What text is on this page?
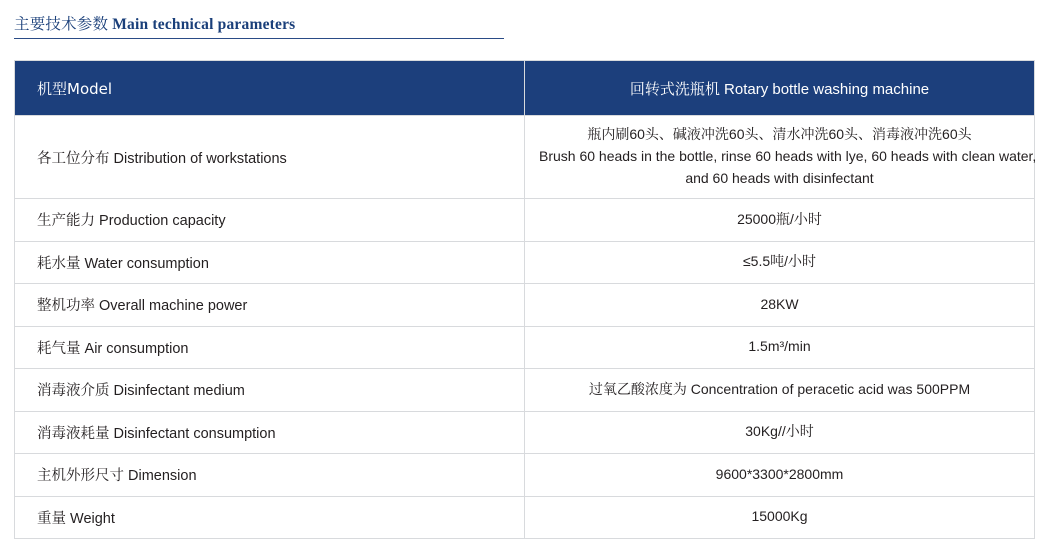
主要技术参数 Main technical parameters
机型Model	回转式洗瓶机 Rotary bottle washing machine
各工位分布 Distribution of workstations	瓶内刷60头、碱液冲洗60头、清水冲洗60头、消毒液冲洗60头
Brush 60 heads in the bottle, rinse 60 heads with lye, 60 heads with clean water,
and 60 heads with disinfectant

生产能力 Production capacity	25000瓶/小时
耗水量 Water consumption	≤5.5吨/小时
整机功率 Overall machine power	28KW
耗气量 Air consumption	1.5m³/min
消毒液介质 Disinfectant medium	过氧乙酸浓度为 Concentration of peracetic acid was 500PPM
消毒液耗量 Disinfectant consumption	30Kg//小时
主机外形尺寸 Dimension	9600*3300*2800mm
重量 Weight	15000Kg
